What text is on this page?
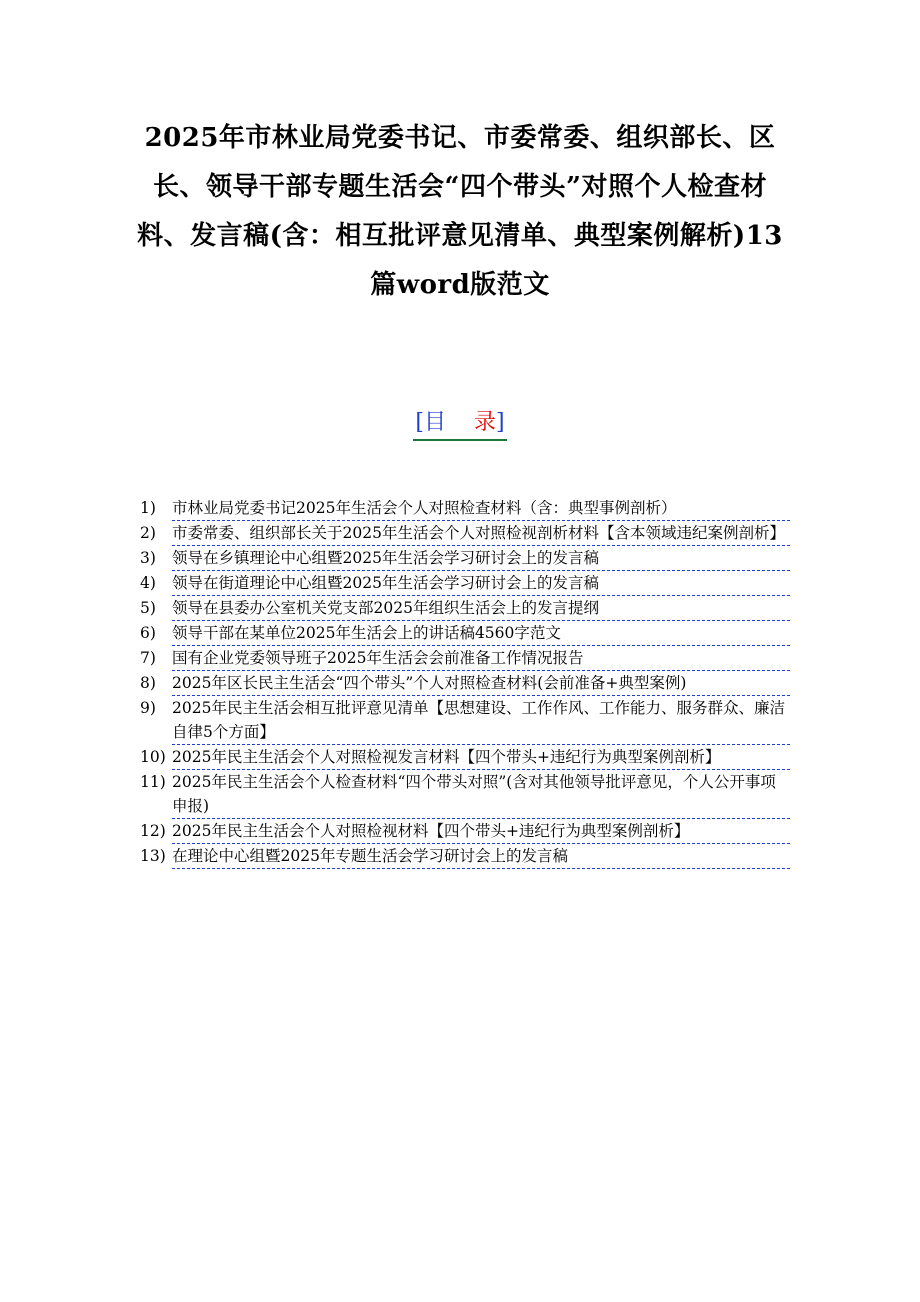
2025年市林业局党委书记、市委常委、组织部长、区长、领导干部专题生活会“四个带头”对照个人检查材料、发言稿(含：相互批评意见清单、典型案例解析)13篇word版范文
[目 录]
1)	市林业局党委书记2025年生活会个人对照检查材料（含：典型事例剖析）
2)	市委常委、组织部长关于2025年生活会个人对照检视剖析材料【含本领域违纪案例剖析】
3)	领导在乡镇理论中心组暨2025年生活会学习研讨会上的发言稿
4)	领导在街道理论中心组暨2025年生活会学习研讨会上的发言稿
5)	领导在县委办公室机关党支部2025年组织生活会上的发言提纲
6)	领导干部在某单位2025年生活会上的讲话稿4560字范文
7)	国有企业党委领导班子2025年生活会会前准备工作情况报告
8)	2025年区长民主生活会“四个带头”个人对照检查材料(会前准备+典型案例)
9)	2025年民主生活会相互批评意见清单【思想建设、工作作风、工作能力、服务群众、廉洁自律5个方面】
10) 2025年民主生活会个人对照检视发言材料【四个带头+违纪行为典型案例剖析】
11) 2025年民主生活会个人检查材料“四个带头对照”(含对其他领导批评意见，个人公开事项申报)
12) 2025年民主生活会个人对照检视材料【四个带头+违纪行为典型案例剖析】
13) 在理论中心组暨2025年专题生活会学习研讨会上的发言稿
